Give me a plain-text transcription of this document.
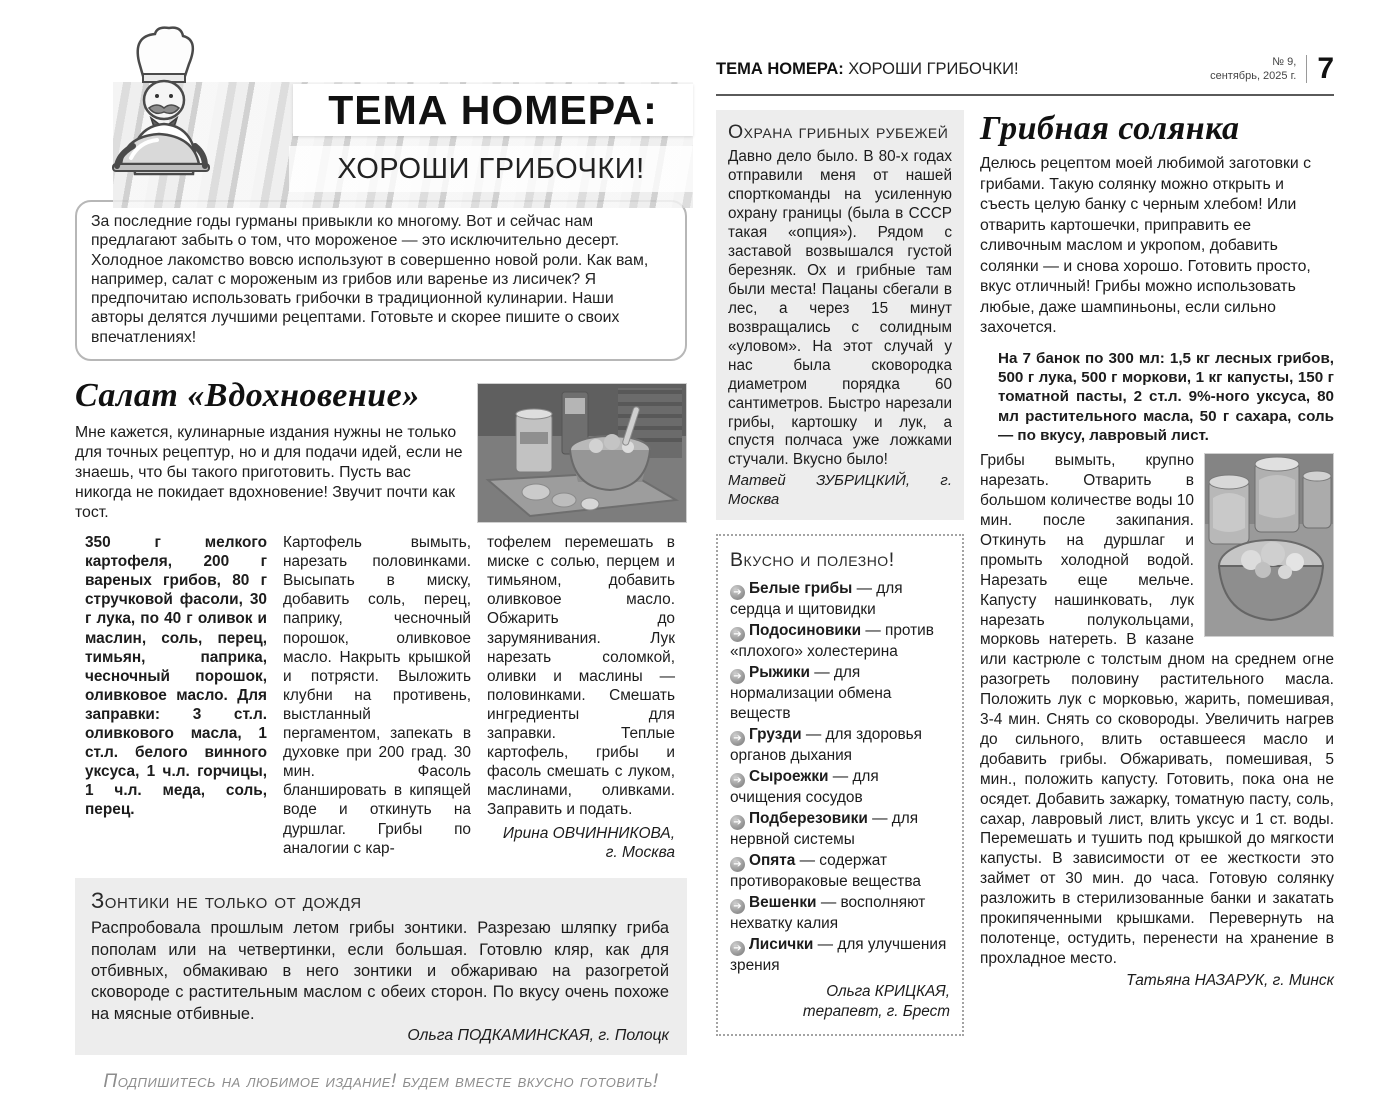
ТЕМА НОМЕРА:
ХОРОШИ ГРИБОЧКИ!
За последние годы гурманы привыкли ко многому. Вот и сейчас нам предлагают забыть о том, что мороженое — это исключительно десерт. Холодное лакомство вовсю используют в совершенно новой роли. Как вам, например, салат с мороженым из грибов или варенье из лисичек? Я предпочитаю использовать грибочки в традиционной кулинарии. Наши авторы делятся лучшими рецептами. Готовьте и скорее пишите о своих впечатлениях!
Салат «Вдохновение»

Мне кажется, кулинарные издания нужны не только для точных рецептур, но и для подачи идей, если не знаешь, что бы такого приготовить. Пусть вас никогда не покидает вдохновение! Звучит почти как тост.

350 г мелкого картофеля, 200 г вареных грибов, 80 г стручковой фасоли, 30 г лука, по 40 г оливок и маслин, соль, перец, тимьян, паприка, чесночный порошок, оливковое масло. Для заправки: 3 ст.л. оливкового масла, 1 ст.л. белого винного уксуса, 1 ч.л. горчицы, 1 ч.л. меда, соль, перец.
Картофель вымыть, нарезать половинками. Высыпать в миску, добавить соль, перец, паприку, чесночный порошок, оливковое масло. Накрыть крышкой и потрясти. Выложить клубни на противень, выстланный пергаментом, запекать в духовке при 200 град. 30 мин. Фасоль бланшировать в кипящей воде и откинуть на дуршлаг. Грибы по аналогии с кар-
тофелем перемешать в миске с солью, перцем и тимьяном, добавить оливковое масло. Обжарить до зарумянивания. Лук нарезать соломкой, оливки и маслины — половинками. Смешать ингредиенты для заправки. Теплые картофель, грибы и фасоль смешать с луком, маслинами, оливками. Заправить и подать.
Ирина ОВЧИННИКОВА,
г. Москва
Зонтики не только от дождя

Распробовала прошлым летом грибы зонтики. Разрезаю шляпку гриба пополам или на четвертинки, если большая. Готовлю кляр, как для отбивных, обмакиваю в него зонтики и обжариваю на разогретой сковороде с растительным маслом с обеих сторон. По вкусу очень похоже на мясные отбивные.

Ольга ПОДКАМИНСКАЯ, г. Полоцк
Подпишитесь на любимое издание! будем вместе вкусно готовить!
ТЕМА НОМЕРА: ХОРОШИ ГРИБОЧКИ!	№ 9,
сентябрь, 2025 г. 7
Охрана грибных рубежей

Давно дело было. В 80-х годах отправили меня от нашей спорткоманды на усиленную охрану границы (была в СССР такая «опция»). Рядом с заставой возвышался густой березняк. Ох и грибные там были места! Пацаны сбегали в лес, а через 15 минут возвращались с солидным «уловом». На этот случай у нас была сковородка диаметром порядка 60 сантиметров. Быстро нарезали грибы, картошку и лук, а спустя полчаса уже ложками стучали. Вкусно было!

Матвей ЗУБРИЦКИЙ, г. Москва
Вкусно и полезно!
➔ Белые грибы — для сердца и щитовидки
➔ Подосиновики — против «плохого» холестерина
➔ Рыжики — для нормализации обмена веществ
➔ Грузди — для здоровья органов дыхания
➔ Сыроежки — для очищения сосудов
➔ Подберезовики — для нервной системы
➔ Опята — содержат противораковые вещества
➔ Вешенки — восполняют нехватку калия
➔ Лисички — для улучшения зрения
Ольга КРИЦКАЯ,
терапевт, г. Брест
Грибная солянка

Делюсь рецептом моей любимой заготовки с грибами. Такую солянку можно открыть и съесть целую банку с черным хлебом! Или отварить картошечки, приправить ее сливочным маслом и укропом, добавить солянки — и снова хорошо. Готовить просто, вкус отличный! Грибы можно использовать любые, даже шампиньоны, если сильно захочется.

На 7 банок по 300 мл: 1,5 кг лесных грибов, 500 г лука, 500 г моркови, 1 кг капусты, 150 г томатной пасты, 2 ст.л. 9%-ного уксуса, 80 мл растительного масла, 50 г сахара, соль — по вкусу, лавровый лист.

Грибы вымыть, крупно нарезать. Отварить в большом количестве воды 10 мин. после закипания. Откинуть на дуршлаг и промыть холодной водой. Нарезать еще мельче. Капусту нашинковать, лук нарезать полукольцами, морковь натереть. В казане или кастрюле с толстым дном на среднем огне разогреть половину растительного масла. Положить лук с морковью, жарить, помешивая, 3-4 мин. Снять со сковороды. Увеличить нагрев до сильного, влить оставшееся масло и добавить грибы. Обжаривать, помешивая, 5 мин., положить капусту. Готовить, пока она не осядет. Добавить зажарку, томатную пасту, соль, сахар, лавровый лист, влить уксус и 1 ст. воды. Перемешать и тушить под крышкой до мягкости капусты. В зависимости от ее жесткости это займет от 30 мин. до часа. Готовую солянку разложить в стерилизованные банки и закатать прокипяченными крышками. Перевернуть на полотенце, остудить, перенести на хранение в прохладное место.

Татьяна НАЗАРУК, г. Минск
